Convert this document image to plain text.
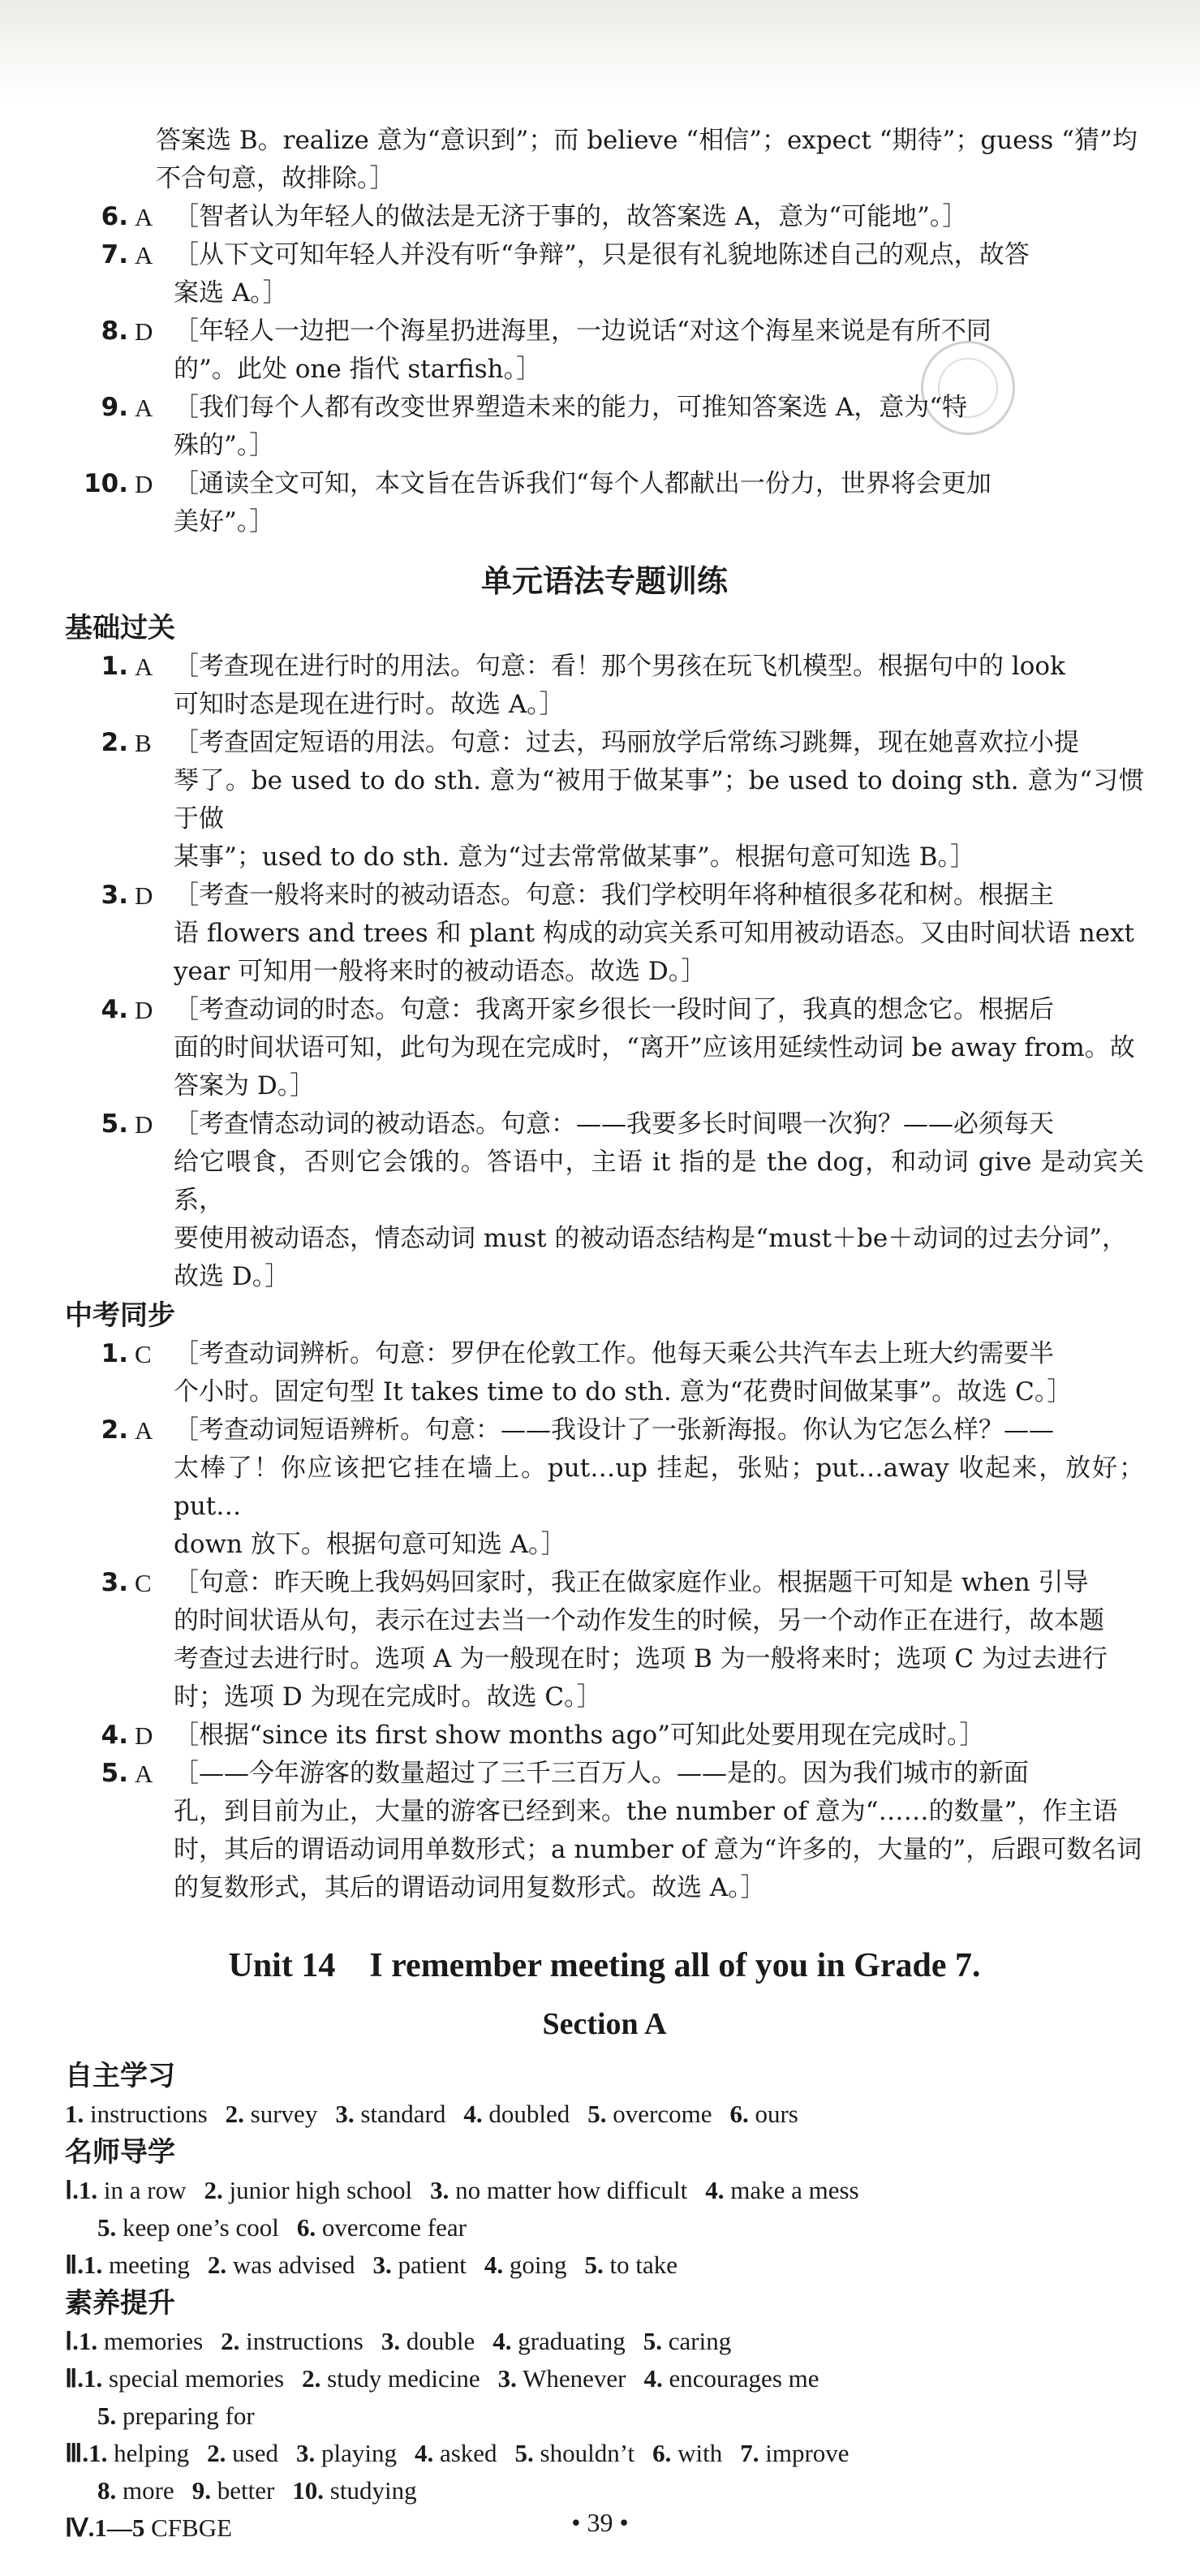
答案选 B。realize 意为“意识到”；而 believe “相信”；expect “期待”；guess “猜”均
不合句意，故排除。］
6. A ［智者认为年轻人的做法是无济于事的，故答案选 A，意为“可能地”。］
7. A ［从下文可知年轻人并没有听“争辩”，只是很有礼貌地陈述自己的观点，故答
案选 A。］
8. D ［年轻人一边把一个海星扔进海里，一边说话“对这个海星来说是有所不同
的”。此处 one 指代 starfish。］
9. A ［我们每个人都有改变世界塑造未来的能力，可推知答案选 A，意为“特
殊的”。］
10. D ［通读全文可知，本文旨在告诉我们“每个人都献出一份力，世界将会更加
美好”。］
单元语法专题训练
基础过关
1. A ［考查现在进行时的用法。句意：看！那个男孩在玩飞机模型。根据句中的 look
可知时态是现在进行时。故选 A。］
2. B ［考查固定短语的用法。句意：过去，玛丽放学后常练习跳舞，现在她喜欢拉小提
琴了。be used to do sth. 意为“被用于做某事”；be used to doing sth. 意为“习惯于做
某事”；used to do sth. 意为“过去常常做某事”。根据句意可知选 B。］
3. D ［考查一般将来时的被动语态。句意：我们学校明年将种植很多花和树。根据主
语 flowers and trees 和 plant 构成的动宾关系可知用被动语态。又由时间状语 next
year 可知用一般将来时的被动语态。故选 D。］
4. D ［考查动词的时态。句意：我离开家乡很长一段时间了，我真的想念它。根据后
面的时间状语可知，此句为现在完成时，“离开”应该用延续性动词 be away from。故
答案为 D。］
5. D ［考查情态动词的被动语态。句意：——我要多长时间喂一次狗？——必须每天
给它喂食，否则它会饿的。答语中，主语 it 指的是 the dog，和动词 give 是动宾关系，
要使用被动语态，情态动词 must 的被动语态结构是“must＋be＋动词的过去分词”，
故选 D。］
中考同步
1. C ［考查动词辨析。句意：罗伊在伦敦工作。他每天乘公共汽车去上班大约需要半
个小时。固定句型 It takes time to do sth. 意为“花费时间做某事”。故选 C。］
2. A ［考查动词短语辨析。句意：——我设计了一张新海报。你认为它怎么样？——
太棒了！你应该把它挂在墙上。put…up 挂起，张贴；put…away 收起来，放好；put…
down 放下。根据句意可知选 A。］
3. C ［句意：昨天晚上我妈妈回家时，我正在做家庭作业。根据题干可知是 when 引导
的时间状语从句，表示在过去当一个动作发生的时候，另一个动作正在进行，故本题
考查过去进行时。选项 A 为一般现在时；选项 B 为一般将来时；选项 C 为过去进行
时；选项 D 为现在完成时。故选 C。］
4. D ［根据“since its first show months ago”可知此处要用现在完成时。］
5. A ［——今年游客的数量超过了三千三百万人。——是的。因为我们城市的新面
孔，到目前为止，大量的游客已经到来。the number of 意为“……的数量”，作主语
时，其后的谓语动词用单数形式；a number of 意为“许多的，大量的”，后跟可数名词
的复数形式，其后的谓语动词用复数形式。故选 A。］
Unit 14　I remember meeting all of you in Grade 7.
Section A
自主学习
1. instructions 2. survey 3. standard 4. doubled 5. overcome 6. ours
名师导学
Ⅰ.1. in a row 2. junior high school 3. no matter how difficult 4. make a mess
5. keep one’s cool 6. overcome fear
Ⅱ.1. meeting 2. was advised 3. patient 4. going 5. to take
素养提升
Ⅰ.1. memories 2. instructions 3. double 4. graduating 5. caring
Ⅱ.1. special memories 2. study medicine 3. Whenever 4. encourages me
5. preparing for
Ⅲ.1. helping 2. used 3. playing 4. asked 5. shouldn’t 6. with 7. improve
8. more 9. better 10. studying
Ⅳ.1—5 CFBGE	• 39 •
